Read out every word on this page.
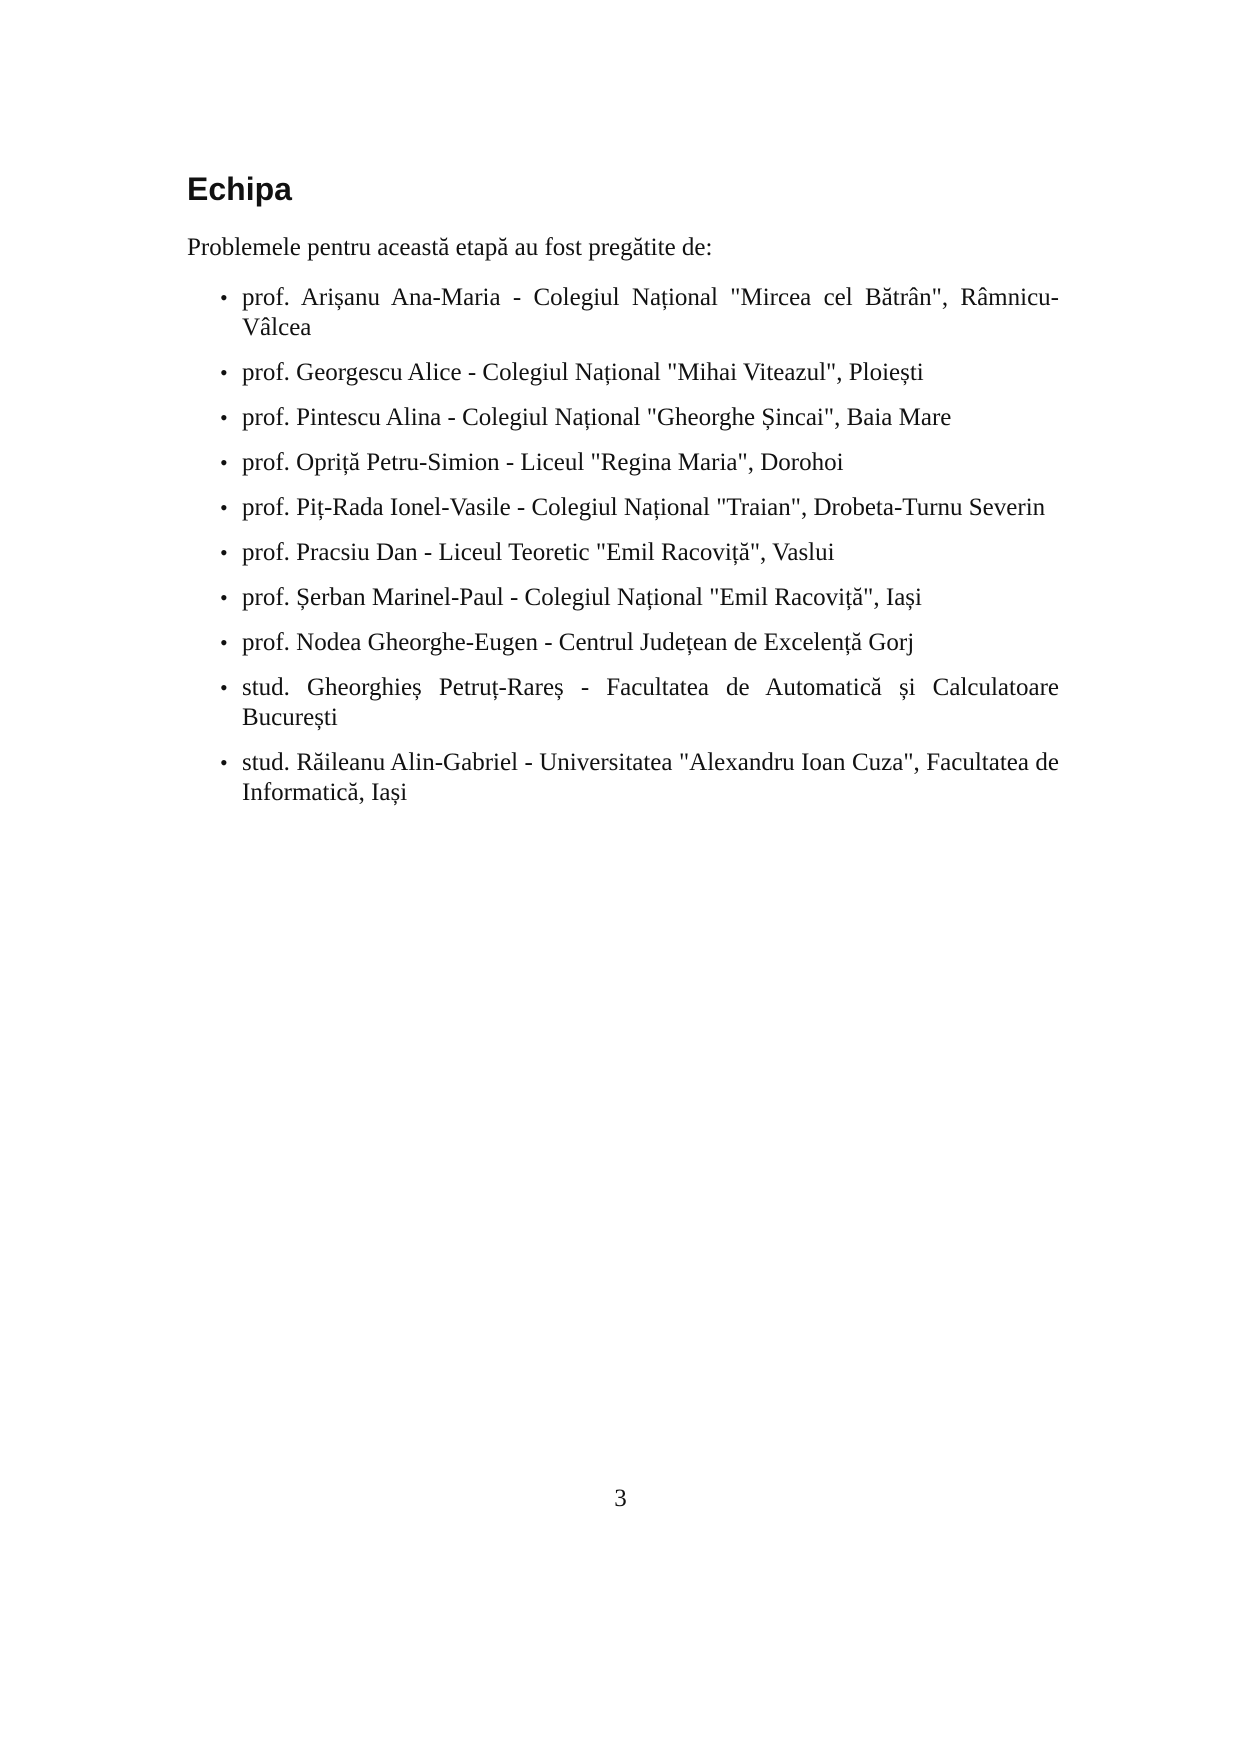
Echipa

Problemele pentru această etapă au fost pregătite de:

• prof. Arișanu Ana-Maria - Colegiul Național "Mircea cel Bătrân", Râmnicu-Vâlcea
• prof. Georgescu Alice - Colegiul Național "Mihai Viteazul", Ploiești
• prof. Pintescu Alina - Colegiul Național "Gheorghe Șincai", Baia Mare
• prof. Opriță Petru-Simion - Liceul "Regina Maria", Dorohoi
• prof. Piț-Rada Ionel-Vasile - Colegiul Național "Traian", Drobeta-Turnu Severin
• prof. Pracsiu Dan - Liceul Teoretic "Emil Racoviță", Vaslui
• prof. Șerban Marinel-Paul - Colegiul Național "Emil Racoviță", Iași
• prof. Nodea Gheorghe-Eugen - Centrul Județean de Excelență Gorj
• stud. Gheorghieș Petruț-Rareș - Facultatea de Automatică și Calculatoare București
• stud. Răileanu Alin-Gabriel - Universitatea "Alexandru Ioan Cuza", Facultatea de Informatică, Iași
3
